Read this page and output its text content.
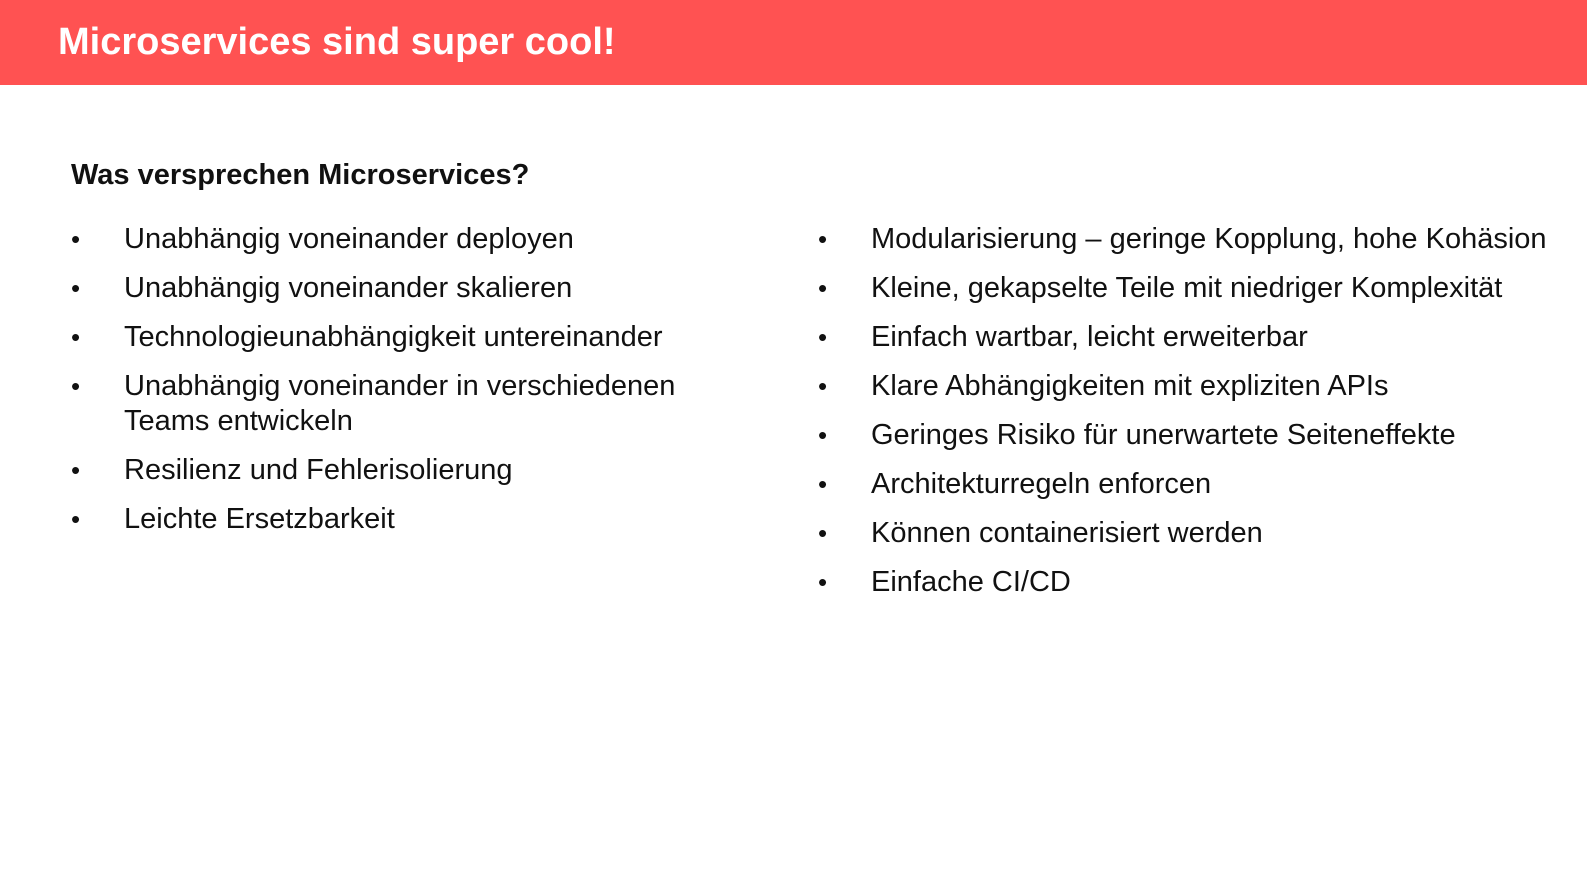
Microservices sind super cool!
Was versprechen Microservices?
•	Unabhängig voneinander deployen
•	Unabhängig voneinander skalieren
•	Technologieunabhängigkeit untereinander
•	Unabhängig voneinander in verschiedenen Teams entwickeln
•	Resilienz und Fehlerisolierung
•	Leichte Ersetzbarkeit
•	Modularisierung – geringe Kopplung, hohe Kohäsion
•	Kleine, gekapselte Teile mit niedriger Komplexität
•	Einfach wartbar, leicht erweiterbar
•	Klare Abhängigkeiten mit expliziten APIs
•	Geringes Risiko für unerwartete Seiteneffekte
•	Architekturregeln enforcen
•	Können containerisiert werden
•	Einfache CI/CD
